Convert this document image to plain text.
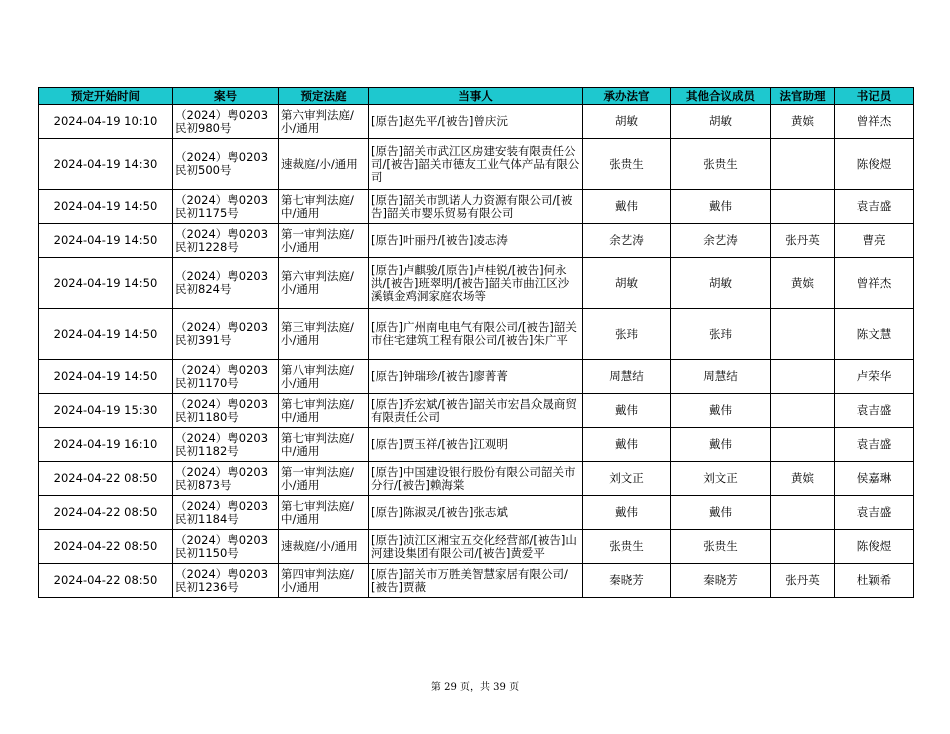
预定开始时间	案号	预定法庭	当事人	承办法官	其他合议成员	法官助理	书记员
2024-04-19 10:10	（2024）粤0203民初980号	第六审判法庭/小/通用	[原告]赵先平/[被告]曾庆沅	胡敏	胡敏	黄嫔	曾祥杰
2024-04-19 14:30	（2024）粤0203民初500号	速裁庭/小/通用	[原告]韶关市武江区房建安装有限责任公司/[被告]韶关市德友工业气体产品有限公司	张贵生	张贵生		陈俊煜
2024-04-19 14:50	（2024）粤0203民初1175号	第七审判法庭/中/通用	[原告]韶关市凯诺人力资源有限公司/[被告]韶关市婴乐贸易有限公司	戴伟	戴伟		袁吉盛
2024-04-19 14:50	（2024）粤0203民初1228号	第一审判法庭/小/通用	[原告]叶丽丹/[被告]凌志涛	余艺涛	余艺涛	张丹英	曹亮
2024-04-19 14:50	（2024）粤0203民初824号	第六审判法庭/小/通用	[原告]卢麒骏/[原告]卢桂锐/[被告]何永洪/[被告]班翠明/[被告]韶关市曲江区沙溪镇金鸡洞家庭农场等	胡敏	胡敏	黄嫔	曾祥杰
2024-04-19 14:50	（2024）粤0203民初391号	第三审判法庭/小/通用	[原告]广州南电电气有限公司/[被告]韶关市住宅建筑工程有限公司/[被告]朱广平	张玮	张玮		陈文慧
2024-04-19 14:50	（2024）粤0203民初1170号	第八审判法庭/小/通用	[原告]钟瑞珍/[被告]廖菁菁	周慧结	周慧结		卢荣华
2024-04-19 15:30	（2024）粤0203民初1180号	第七审判法庭/中/通用	[原告]乔宏斌/[被告]韶关市宏昌众晟商贸有限责任公司	戴伟	戴伟		袁吉盛
2024-04-19 16:10	（2024）粤0203民初1182号	第七审判法庭/中/通用	[原告]贾玉祥/[被告]江观明	戴伟	戴伟		袁吉盛
2024-04-22 08:50	（2024）粤0203民初873号	第一审判法庭/小/通用	[原告]中国建设银行股份有限公司韶关市分行/[被告]赖海棠	刘文正	刘文正	黄嫔	侯嘉琳
2024-04-22 08:50	（2024）粤0203民初1184号	第七审判法庭/中/通用	[原告]陈淑灵/[被告]张志斌	戴伟	戴伟		袁吉盛
2024-04-22 08:50	（2024）粤0203民初1150号	速裁庭/小/通用	[原告]浈江区湘宝五交化经营部/[被告]山河建设集团有限公司/[被告]黄爱平	张贵生	张贵生		陈俊煜
2024-04-22 08:50	（2024）粤0203民初1236号	第四审判法庭/小/通用	[原告]韶关市万胜美智慧家居有限公司/[被告]贾薇	秦晓芳	秦晓芳	张丹英	杜颖希
第 29 页，共 39 页
